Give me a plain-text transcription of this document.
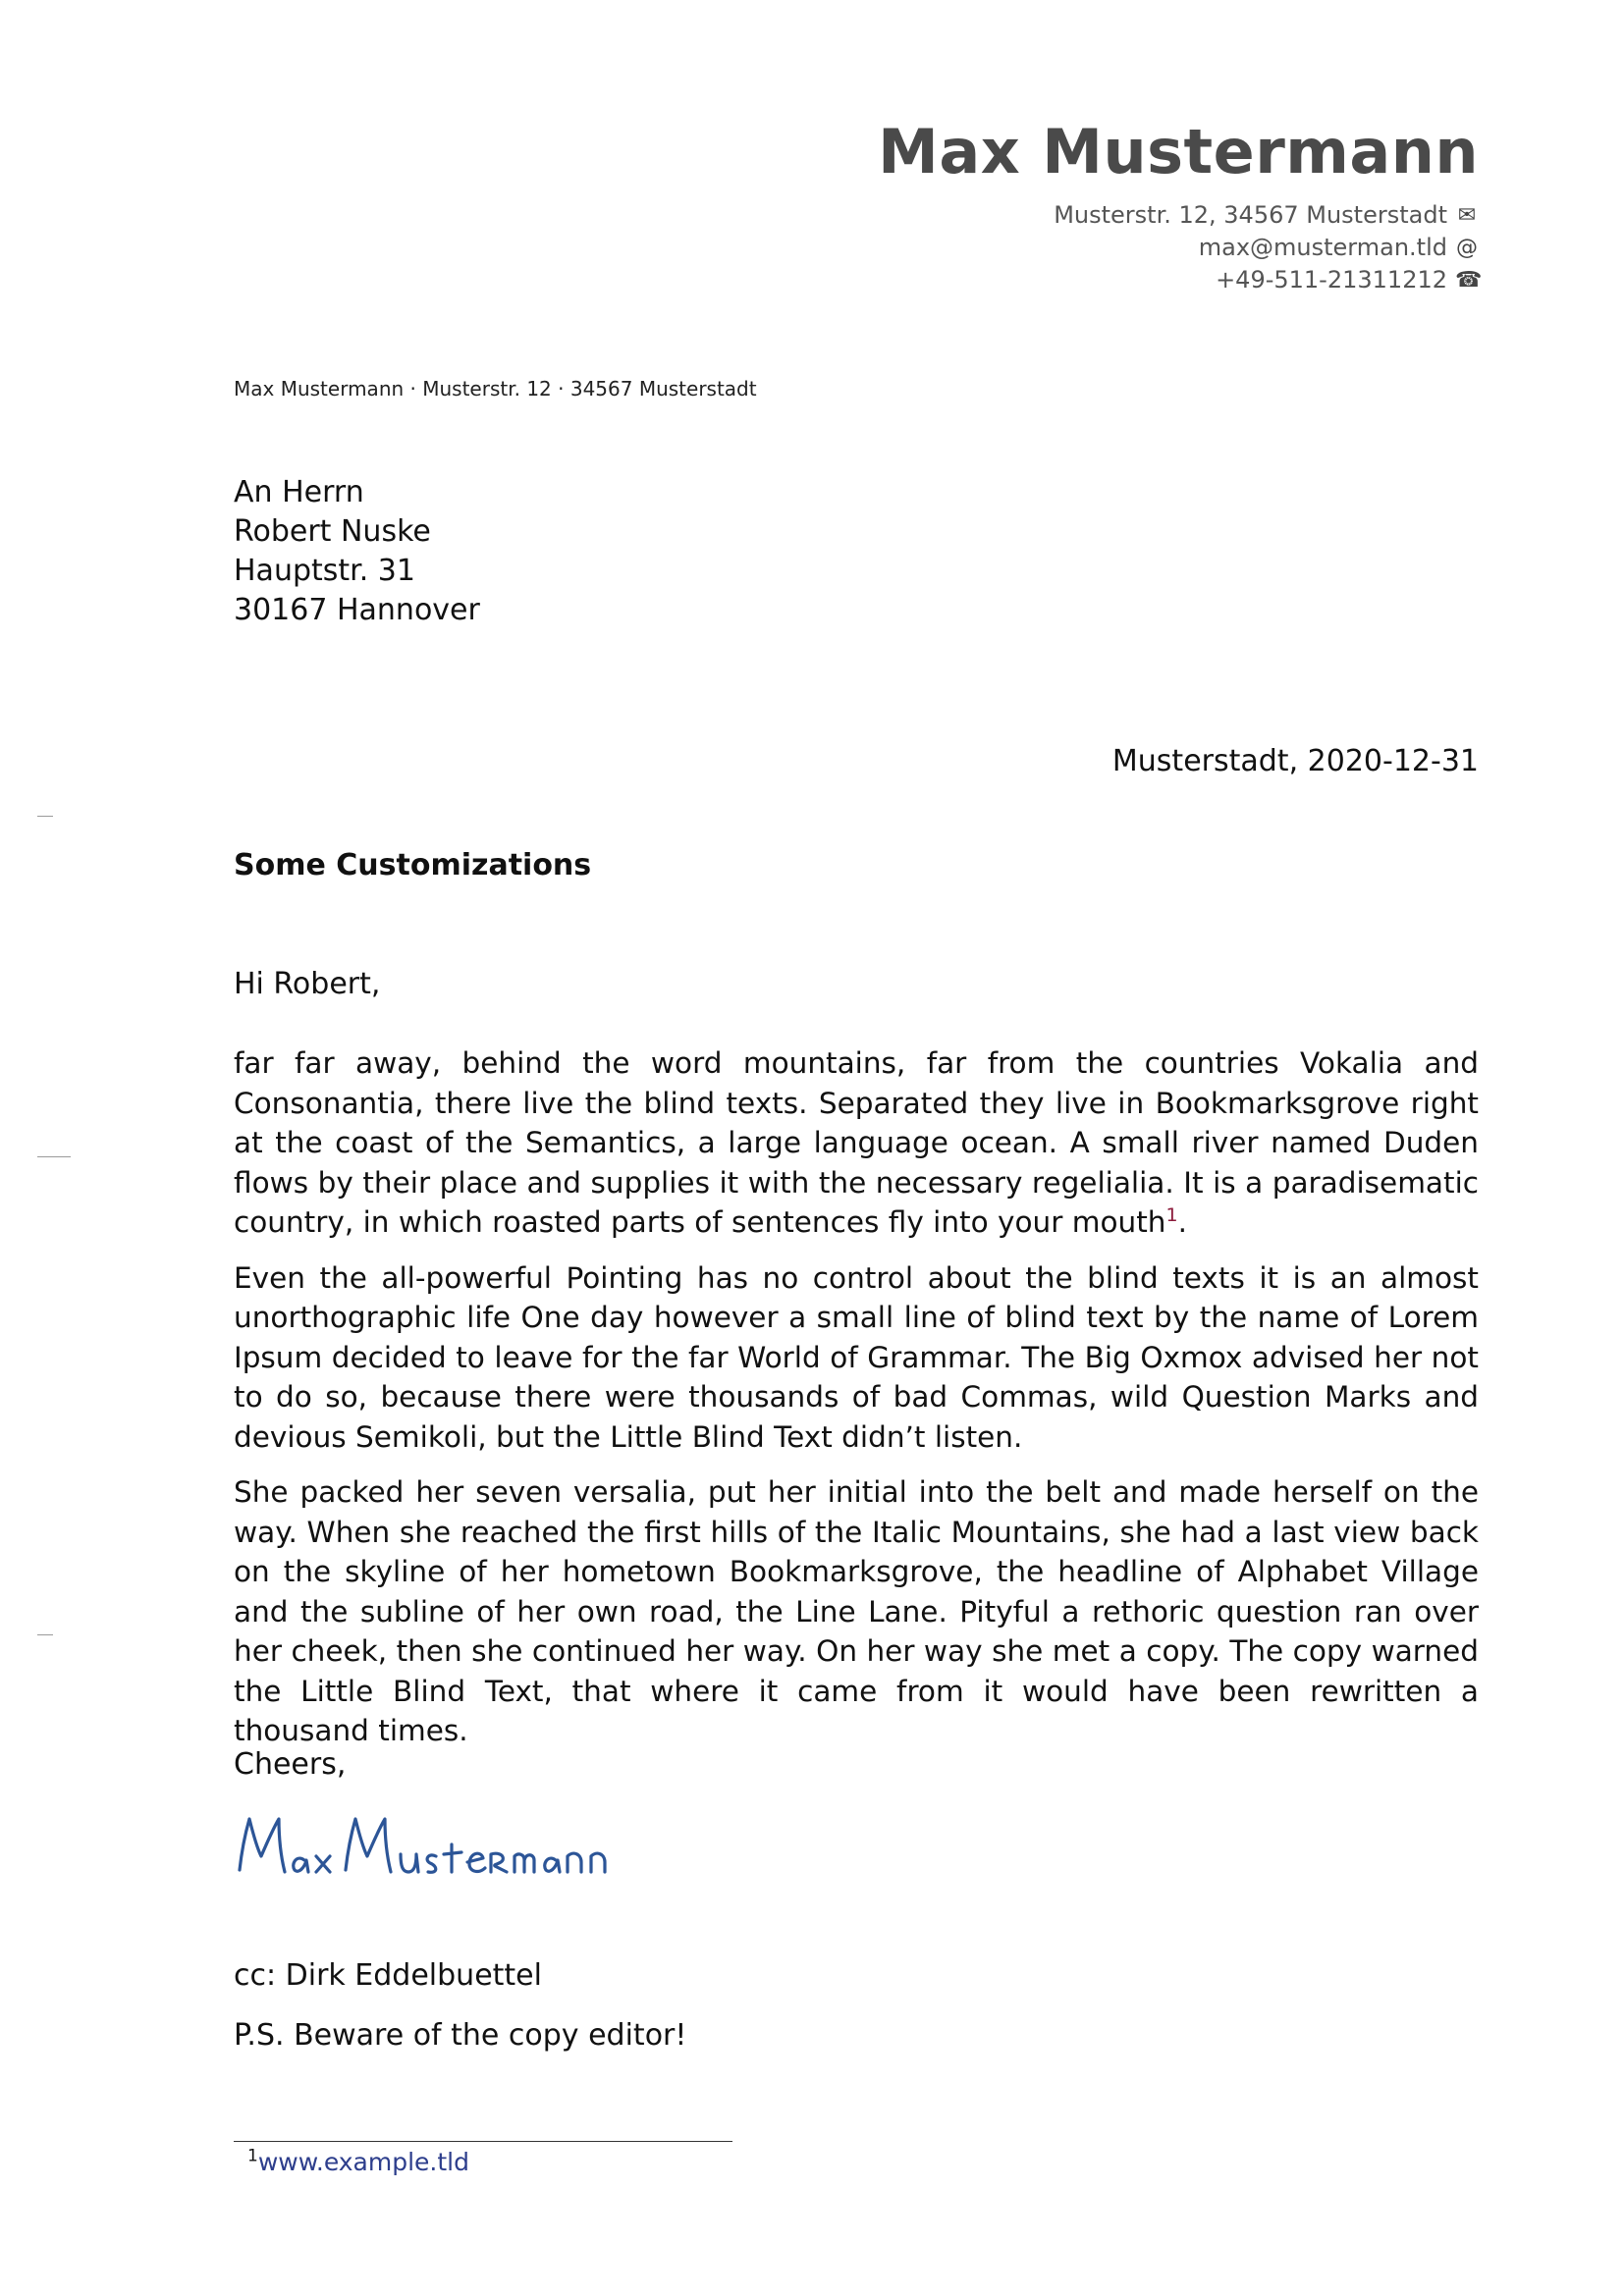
Max Mustermann
Musterstr. 12, 34567 Musterstadt ✉
max@musterman.tld @
+49-511-21311212 ☎
Max Mustermann · Musterstr. 12 · 34567 Musterstadt
An Herrn
Robert Nuske
Hauptstr. 31
30167 Hannover
Musterstadt, 2020-12-31
Some Customizations
Hi Robert,

far far away, behind the word mountains, far from the countries Vokalia and Consonantia, there live the blind texts. Separated they live in Bookmarksgrove right at the coast of the Semantics, a large language ocean. A small river named Duden flows by their place and supplies it with the necessary regelialia. It is a paradisematic country, in which roasted parts of sentences fly into your mouth$^1$.

Even the all-powerful Pointing has no control about the blind texts it is an almost unorthographic life One day however a small line of blind text by the name of Lorem Ipsum decided to leave for the far World of Grammar. The Big Oxmox advised her not to do so, because there were thousands of bad Commas, wild Question Marks and devious Semikoli, but the Little Blind Text didn’t listen.

She packed her seven versalia, put her initial into the belt and made herself on the way. When she reached the first hills of the Italic Mountains, she had a last view back on the skyline of her hometown Bookmarksgrove, the headline of Alphabet Village and the subline of her own road, the Line Lane. Pityful a rethoric question ran over her cheek, then she continued her way. On her way she met a copy. The copy warned the Little Blind Text, that where it came from it would have been rewritten a thousand times.

Cheers,
cc: Dirk Eddelbuettel
P.S. Beware of the copy editor!
$^1$www.example.tld
